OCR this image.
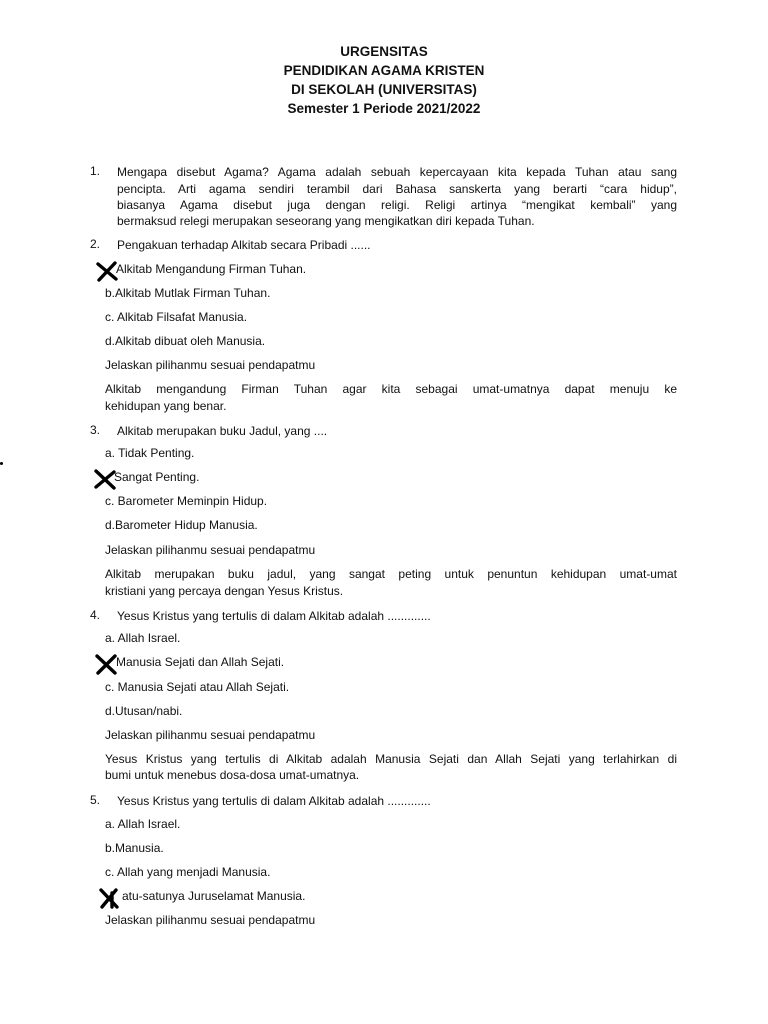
URGENSITAS
PENDIDIKAN AGAMA KRISTEN
DI SEKOLAH (UNIVERSITAS)
Semester 1 Periode 2021/2022
1. Mengapa disebut Agama? Agama adalah sebuah kepercayaan kita kepada Tuhan atau sang
pencipta. Arti agama sendiri terambil dari Bahasa sanskerta yang berarti “cara hidup”,
biasanya Agama disebut juga dengan religi. Religi artinya “mengikat kembali” yang
bermaksud relegi merupakan seseorang yang mengikatkan diri kepada Tuhan.
2. Pengakuan terhadap Alkitab secara Pribadi ......
Alkitab Mengandung Firman Tuhan.
b.Alkitab Mutlak Firman Tuhan.
c. Alkitab Filsafat Manusia.
d.Alkitab dibuat oleh Manusia.
Jelaskan pilihanmu sesuai pendapatmu
Alkitab mengandung Firman Tuhan agar kita sebagai umat-umatnya dapat menuju ke
kehidupan yang benar.
3. Alkitab merupakan buku Jadul, yang ....
a. Tidak Penting.
Sangat Penting.
c. Barometer Meminpin Hidup.
d.Barometer Hidup Manusia.
Jelaskan pilihanmu sesuai pendapatmu
Alkitab merupakan buku jadul, yang sangat peting untuk penuntun kehidupan umat-umat
kristiani yang percaya dengan Yesus Kristus.
4. Yesus Kristus yang tertulis di dalam Alkitab adalah .............
a. Allah Israel.
Manusia Sejati dan Allah Sejati.
c. Manusia Sejati atau Allah Sejati.
d.Utusan/nabi.
Jelaskan pilihanmu sesuai pendapatmu
Yesus Kristus yang tertulis di Alkitab adalah Manusia Sejati dan Allah Sejati yang terlahirkan di
bumi untuk menebus dosa-dosa umat-umatnya.
5. Yesus Kristus yang tertulis di dalam Alkitab adalah .............
a. Allah Israel.
b.Manusia.
c. Allah yang menjadi Manusia.
atu-satunya Juruselamat Manusia.
Jelaskan pilihanmu sesuai pendapatmu
